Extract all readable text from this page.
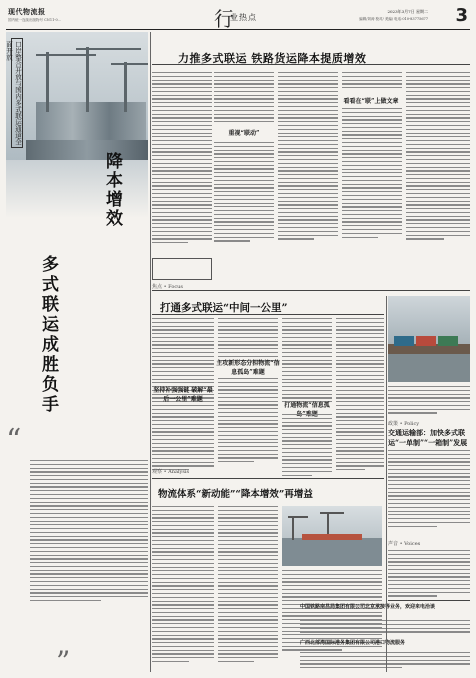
现代物流报
国内统一连续出版物号 CN11-0...	行
业热点
2023年3月7日 星期二
编辑/刘涛 校对/ 美编/ 电话:010-83775677 3
口岸整合开放与国内多式联运通道全面开放
降本增效
多式联运成胜负手
“
”
力推多式联运 铁路货运降本提质增效
重视“联动”
看看在“联”上做文章
焦点 • Focus
打通多式联运“中间一公里”
坚持补强强链 破解“最后一公里”难题
主攻新形态分担物流“信息孤岛”难题
打通物流“信息孤
政策 • Policy
交通运输部：加快多式联运“一单制”“一箱制”发展
观察 • Analysis
物流体系“新动能”“降本增效”再增益
声音 • Voices
中国铁路南昌局集团有限公司北京承接等业务，欢迎来电洽谈
广西北部湾国际港务集团有限公司港口物流服务
